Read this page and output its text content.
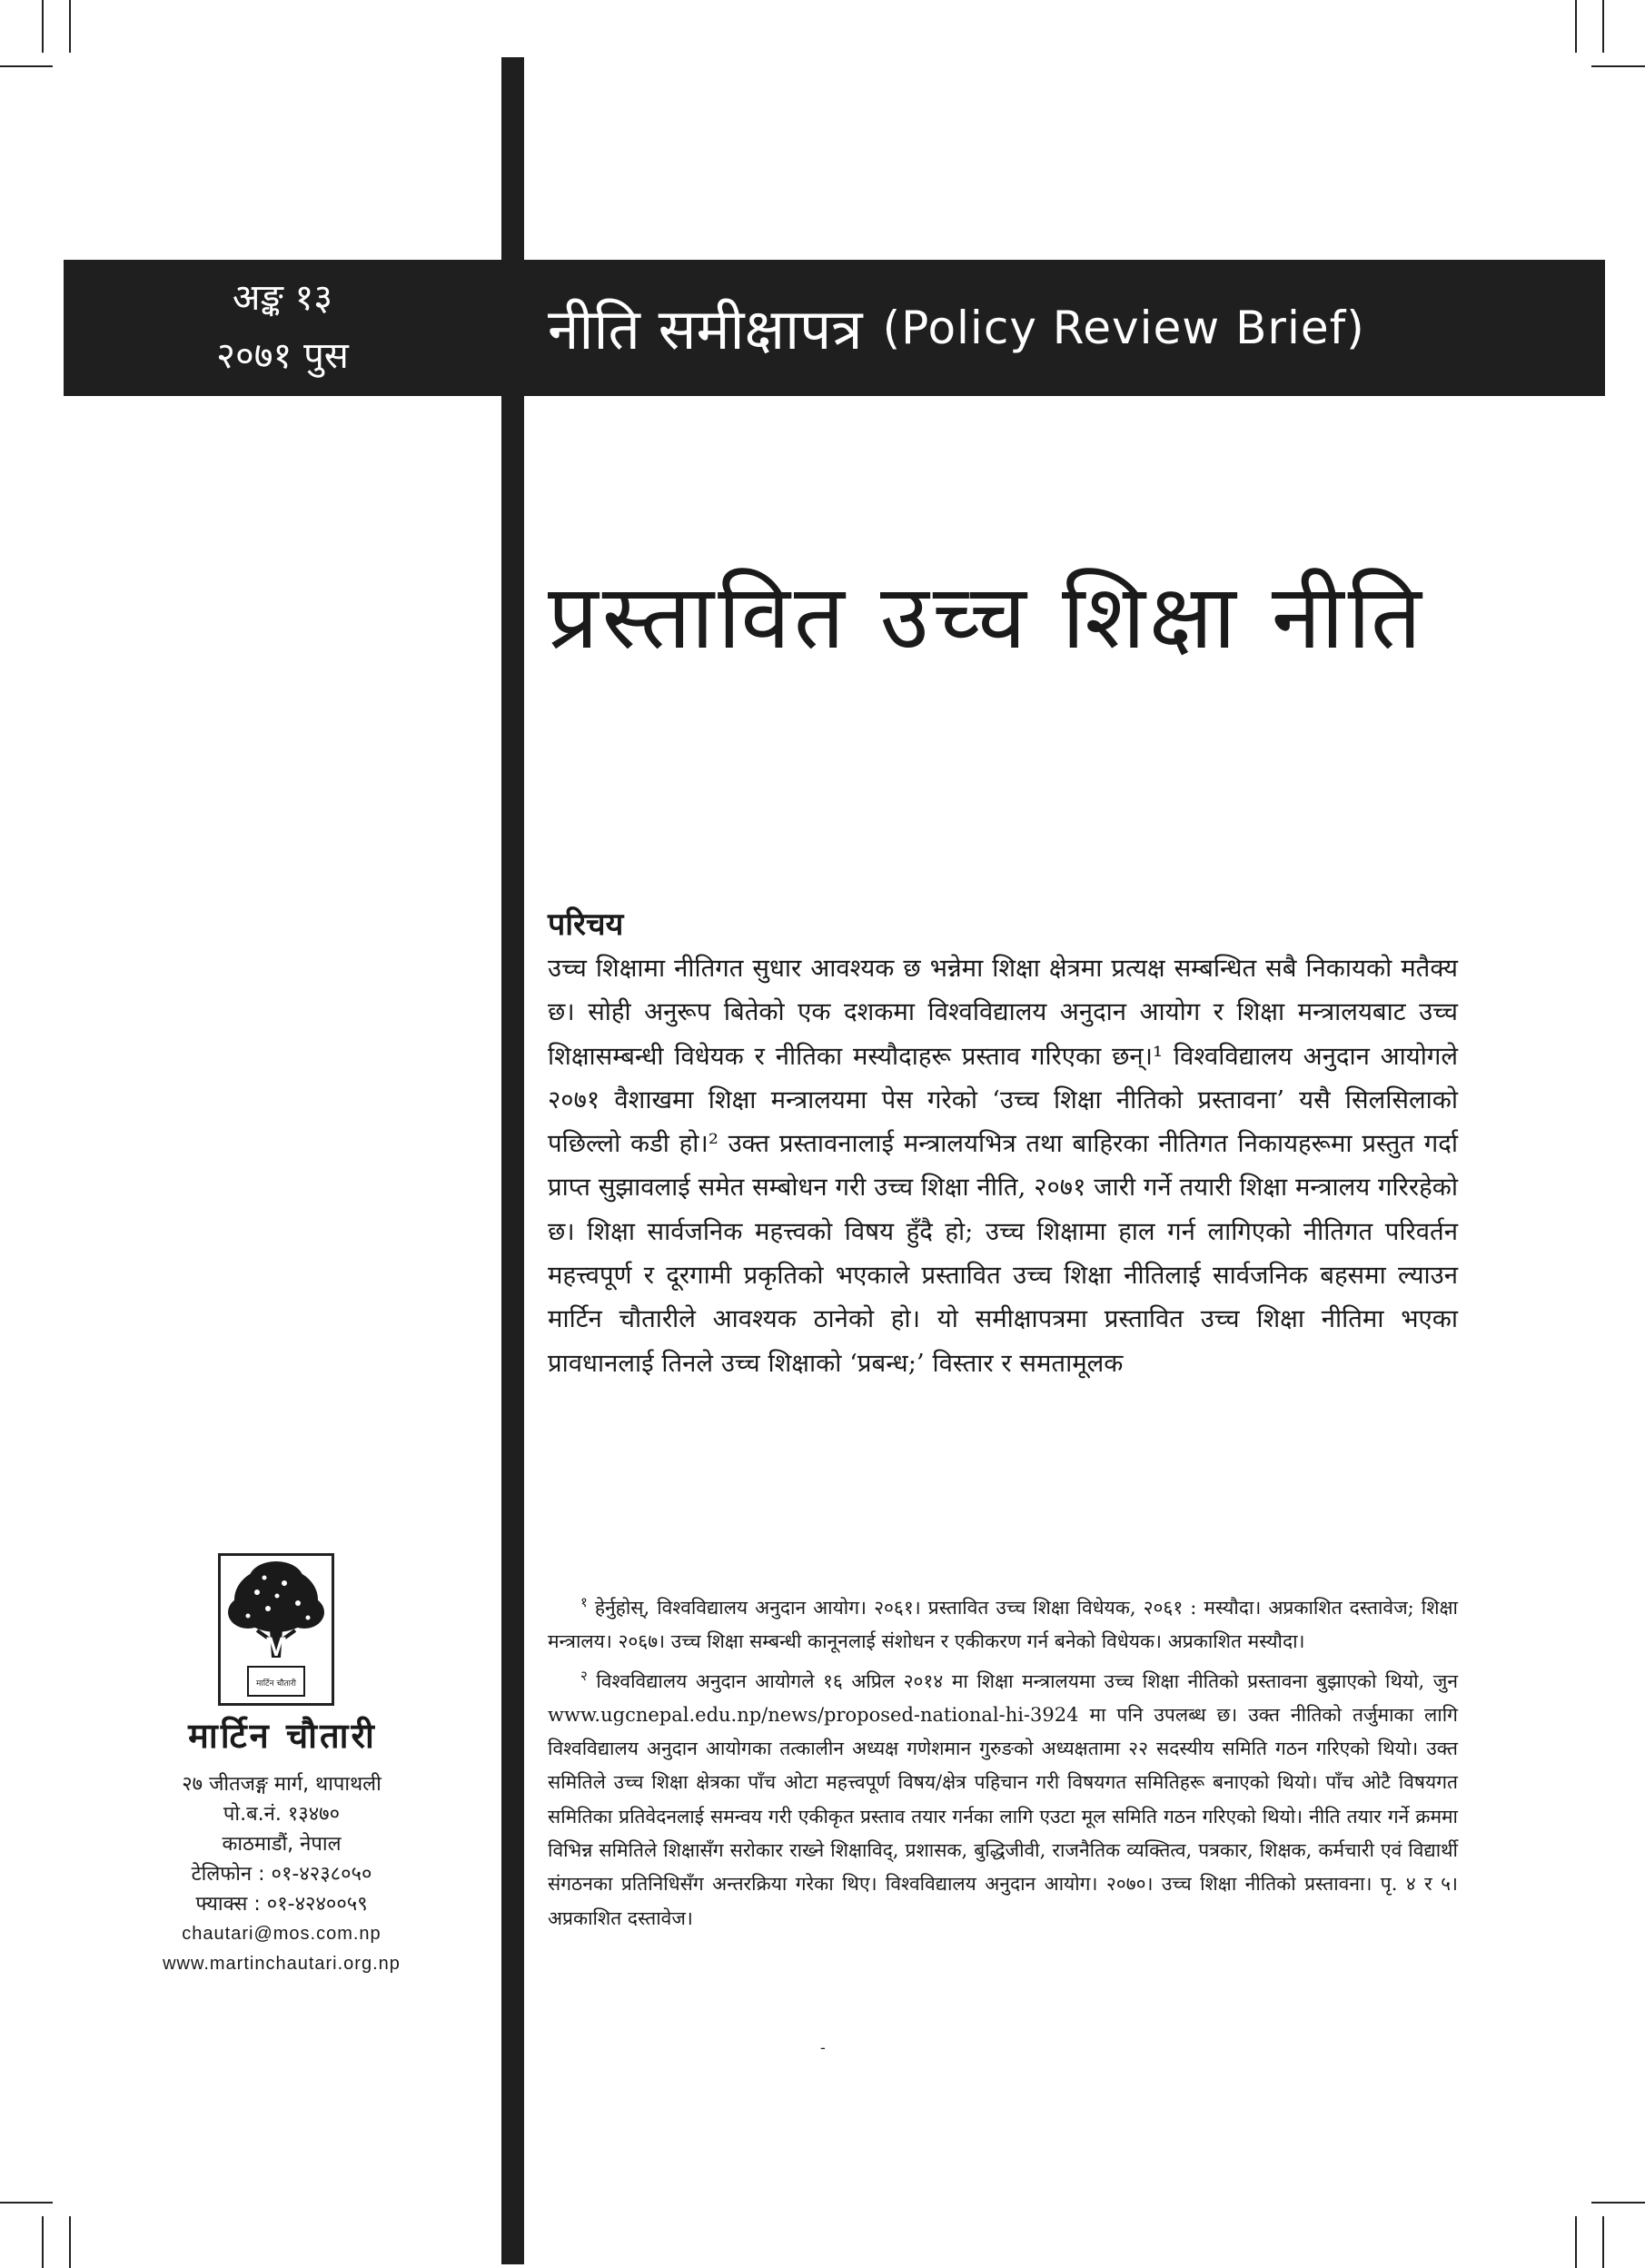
अङ्क १३
२०७१ पुस	नीति समीक्षापत्र (Policy Review Brief)
प्रस्तावित उच्च शिक्षा नीति
परिचय

उच्च शिक्षामा नीतिगत सुधार आवश्यक छ भन्नेमा शिक्षा क्षेत्रमा प्रत्यक्ष सम्बन्धित सबै निकायको मतैक्य छ। सोही अनुरूप बितेको एक दशकमा विश्वविद्यालय अनुदान आयोग र शिक्षा मन्त्रालयबाट उच्च शिक्षासम्बन्धी विधेयक र नीतिका मस्यौदाहरू प्रस्ताव गरिएका छन्।¹ विश्वविद्यालय अनुदान आयोगले २०७१ वैशाखमा शिक्षा मन्त्रालयमा पेस गरेको ‘उच्च शिक्षा नीतिको प्रस्तावना’ यसै सिलसिलाको पछिल्लो कडी हो।² उक्त प्रस्तावनालाई मन्त्रालयभित्र तथा बाहिरका नीतिगत निकायहरूमा प्रस्तुत गर्दा प्राप्त सुझावलाई समेत सम्बोधन गरी उच्च शिक्षा नीति, २०७१ जारी गर्ने तयारी शिक्षा मन्त्रालय गरिरहेको छ। शिक्षा सार्वजनिक महत्त्वको विषय हुँदै हो; उच्च शिक्षामा हाल गर्न लागिएको नीतिगत परिवर्तन महत्त्वपूर्ण र दूरगामी प्रकृतिको भएकाले प्रस्तावित उच्च शिक्षा नीतिलाई सार्वजनिक बहसमा ल्याउन मार्टिन चौतारीले आवश्यक ठानेको हो। यो समीक्षापत्रमा प्रस्तावित उच्च शिक्षा नीतिमा भएका प्रावधानलाई तिनले उच्च शिक्षाको ‘प्रबन्ध;’ विस्तार र समतामूलक

M
मार्टिन चौतारी
मार्टिन चौतारी
२७ जीतजङ्ग मार्ग, थापाथली
पो.ब.नं. १३४७०
काठमाडौं, नेपाल
टेलिफोन : ०१-४२३८०५०
फ्याक्स : ०१-४२४००५९
chautari@mos.com.np
www.martinchautari.org.np

$^१$ हेर्नुहोस्, विश्वविद्यालय अनुदान आयोग। २०६१। प्रस्तावित उच्च शिक्षा विधेयक, २०६१ : मस्यौदा। अप्रकाशित दस्तावेज; शिक्षा मन्त्रालय। २०६७। उच्च शिक्षा सम्बन्धी कानूनलाई संशोधन र एकीकरण गर्न बनेको विधेयक। अप्रकाशित मस्यौदा।

$^२$ विश्वविद्यालय अनुदान आयोगले १६ अप्रिल २०१४ मा शिक्षा मन्त्रालयमा उच्च शिक्षा नीतिको प्रस्तावना बुझाएको थियो, जुन www.ugcnepal.edu.np/news/proposed-national-hi-3924 मा पनि उपलब्ध छ। उक्त नीतिको तर्जुमाका लागि विश्वविद्यालय अनुदान आयोगका तत्कालीन अध्यक्ष गणेशमान गुरुङको अध्यक्षतामा २२ सदस्यीय समिति गठन गरिएको थियो। उक्त समितिले उच्च शिक्षा क्षेत्रका पाँच ओटा महत्त्वपूर्ण विषय/क्षेत्र पहिचान गरी विषयगत समितिहरू बनाएको थियो। पाँच ओटै विषयगत समितिका प्रतिवेदनलाई समन्वय गरी एकीकृत प्रस्ताव तयार गर्नका लागि एउटा मूल समिति गठन गरिएको थियो। नीति तयार गर्ने क्रममा विभिन्न समितिले शिक्षासँग सरोकार राख्ने शिक्षाविद्, प्रशासक, बुद्धिजीवी, राजनैतिक व्यक्तित्व, पत्रकार, शिक्षक, कर्मचारी एवं विद्यार्थी संगठनका प्रतिनिधिसँग अन्तरक्रिया गरेका थिए। विश्वविद्यालय अनुदान आयोग। २०७०। उच्च शिक्षा नीतिको प्रस्तावना। पृ. ४ र ५। अप्रकाशित दस्तावेज।

-
